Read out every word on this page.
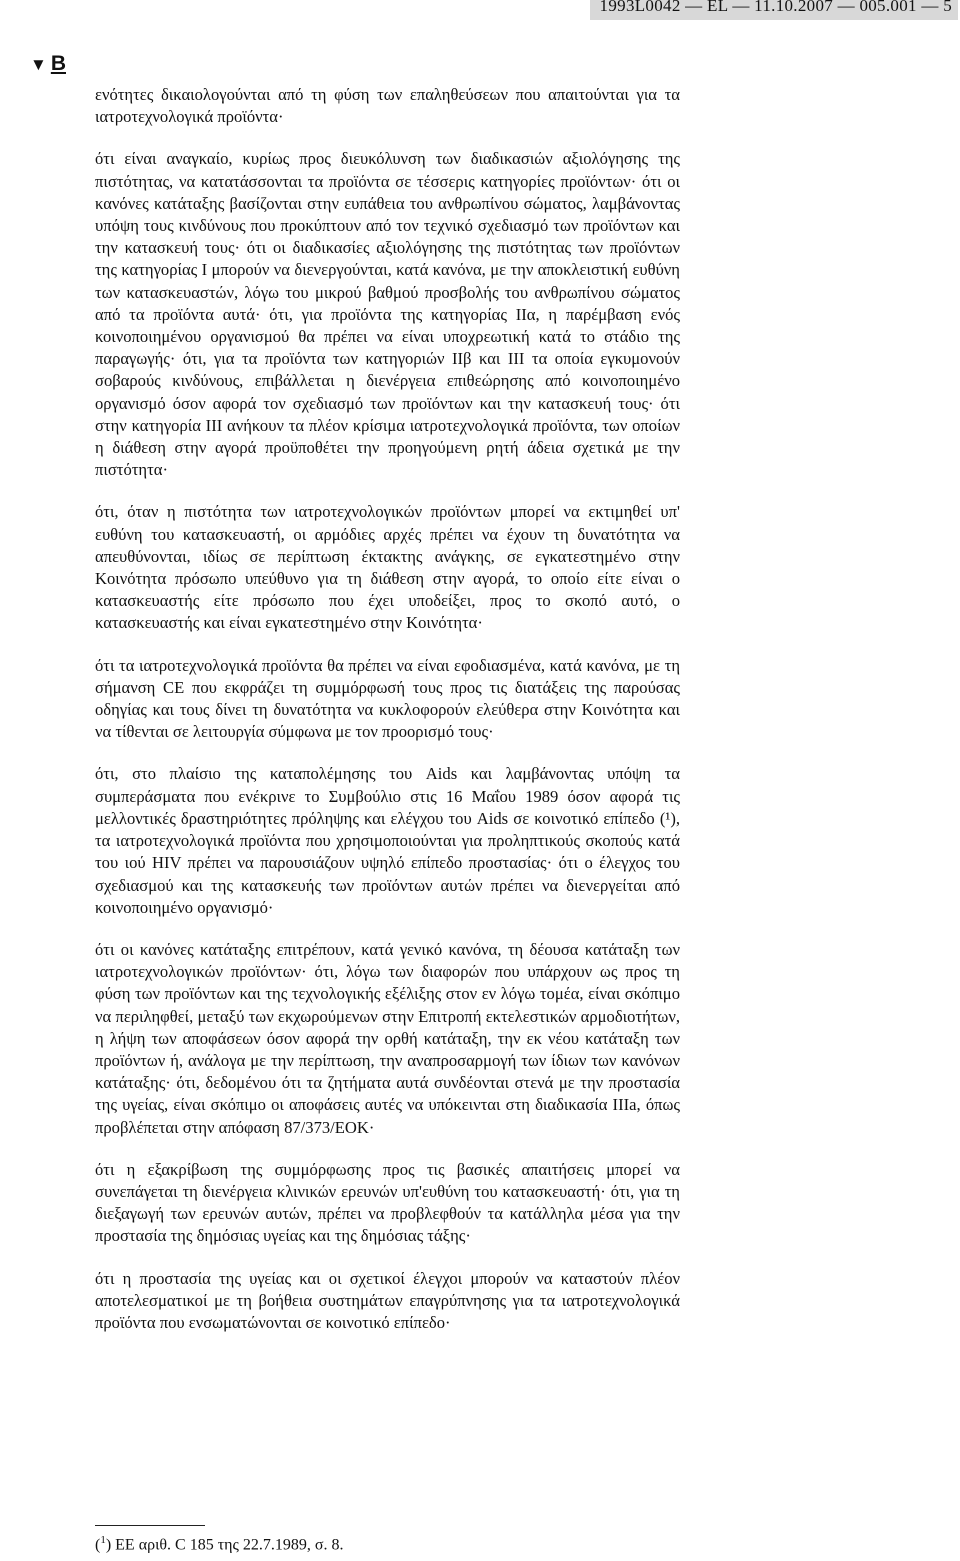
1993L0042 — EL — 11.10.2007 — 005.001 — 5
▼ B

ενότητες δικαιολογούνται από τη φύση των επαληθεύσεων που απαιτούνται για τα ιατροτεχνολογικά προϊόντα·

ότι είναι αναγκαίο, κυρίως προς διευκόλυνση των διαδικασιών αξιολόγησης της πιστότητας, να κατατάσσονται τα προϊόντα σε τέσσερις κατηγορίες προϊόντων· ότι οι κανόνες κατάταξης βασίζονται στην ευπάθεια του ανθρωπίνου σώματος, λαμβάνοντας υπόψη τους κινδύνους που προκύπτουν από τον τεχνικό σχεδιασμό των προϊόντων και την κατασκευή τους· ότι οι διαδικασίες αξιολόγησης της πιστότητας των προϊόντων της κατηγορίας I μπορούν να διενεργούνται, κατά κανόνα, με την αποκλειστική ευθύνη των κατασκευαστών, λόγω του μικρού βαθμού προσβολής του ανθρωπίνου σώματος από τα προϊόντα αυτά· ότι, για προϊόντα της κατηγορίας IIα, η παρέμβαση ενός κοινοποιημένου οργανισμού θα πρέπει να είναι υποχρεωτική κατά το στάδιο της παραγωγής· ότι, για τα προϊόντα των κατηγοριών IIβ και III τα οποία εγκυμονούν σοβαρούς κινδύνους, επιβάλλεται η διενέργεια επιθεώρησης από κοινοποιημένο οργανισμό όσον αφορά τον σχεδιασμό των προϊόντων και την κατασκευή τους· ότι στην κατηγορία III ανήκουν τα πλέον κρίσιμα ιατροτεχνολογικά προϊόντα, των οποίων η διάθεση στην αγορά προϋποθέτει την προηγούμενη ρητή άδεια σχετικά με την πιστότητα·

ότι, όταν η πιστότητα των ιατροτεχνολογικών προϊόντων μπορεί να εκτιμηθεί υπ' ευθύνη του κατασκευαστή, οι αρμόδιες αρχές πρέπει να έχουν τη δυνατότητα να απευθύνονται, ιδίως σε περίπτωση έκτακτης ανάγκης, σε εγκατεστημένο στην Κοινότητα πρόσωπο υπεύθυνο για τη διάθεση στην αγορά, το οποίο είτε είναι ο κατασκευαστής είτε πρόσωπο που έχει υποδείξει, προς το σκοπό αυτό, ο κατασκευαστής και είναι εγκατεστημένο στην Κοινότητα·

ότι τα ιατροτεχνολογικά προϊόντα θα πρέπει να είναι εφοδιασμένα, κατά κανόνα, με τη σήμανση CE που εκφράζει τη συμμόρφωσή τους προς τις διατάξεις της παρούσας οδηγίας και τους δίνει τη δυνατότητα να κυκλοφορούν ελεύθερα στην Κοινότητα και να τίθενται σε λειτουργία σύμφωνα με τον προορισμό τους·

ότι, στο πλαίσιο της καταπολέμησης του Aids και λαμβάνοντας υπόψη τα συμπεράσματα που ενέκρινε το Συμβούλιο στις 16 Μαΐου 1989 όσον αφορά τις μελλοντικές δραστηριότητες πρόληψης και ελέγχου του Aids σε κοινοτικό επίπεδο (¹), τα ιατροτεχνολογικά προϊόντα που χρησιμοποιούνται για προληπτικούς σκοπούς κατά του ιού HIV πρέπει να παρουσιάζουν υψηλό επίπεδο προστασίας· ότι ο έλεγχος του σχεδιασμού και της κατασκευής των προϊόντων αυτών πρέπει να διενεργείται από κοινοποιημένο οργανισμό·

ότι οι κανόνες κατάταξης επιτρέπουν, κατά γενικό κανόνα, τη δέουσα κατάταξη των ιατροτεχνολογικών προϊόντων· ότι, λόγω των διαφορών που υπάρχουν ως προς τη φύση των προϊόντων και της τεχνολογικής εξέλιξης στον εν λόγω τομέα, είναι σκόπιμο να περιληφθεί, μεταξύ των εκχωρούμενων στην Επιτροπή εκτελεστικών αρμοδιοτήτων, η λήψη των αποφάσεων όσον αφορά την ορθή κατάταξη, την εκ νέου κατάταξη των προϊόντων ή, ανάλογα με την περίπτωση, την αναπροσαρμογή των ίδιων των κανόνων κατάταξης· ότι, δεδομένου ότι τα ζητήματα αυτά συνδέονται στενά με την προστασία της υγείας, είναι σκόπιμο οι αποφάσεις αυτές να υπόκεινται στη διαδικασία IIIa, όπως προβλέπεται στην απόφαση 87/373/ΕΟΚ·

ότι η εξακρίβωση της συμμόρφωσης προς τις βασικές απαιτήσεις μπορεί να συνεπάγεται τη διενέργεια κλινικών ερευνών υπ'ευθύνη του κατασκευαστή· ότι, για τη διεξαγωγή των ερευνών αυτών, πρέπει να προβλεφθούν τα κατάλληλα μέσα για την προστασία της δημόσιας υγείας και της δημόσιας τάξης·

ότι η προστασία της υγείας και οι σχετικοί έλεγχοι μπορούν να καταστούν πλέον αποτελεσματικοί με τη βοήθεια συστημάτων επαγρύπνησης για τα ιατροτεχνολογικά προϊόντα που ενσωματώνονται σε κοινοτικό επίπεδο·

($^1$) ΕΕ αριθ. C 185 της 22.7.1989, σ. 8.
